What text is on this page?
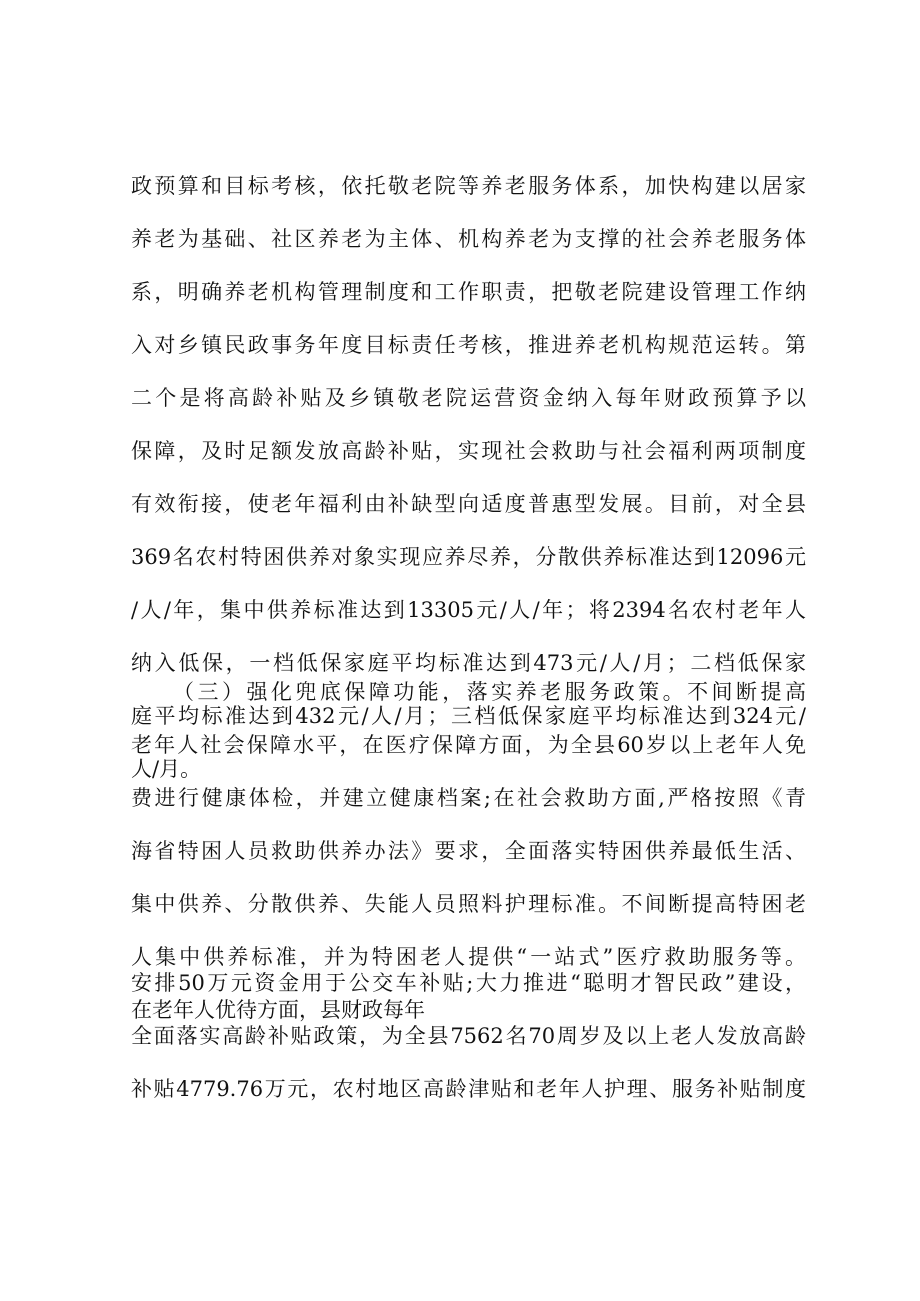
政预算和目标考核，依托敬老院等养老服务体系，加快构建以居家
养老为基础、社区养老为主体、机构养老为支撑的社会养老服务体
系，明确养老机构管理制度和工作职责，把敬老院建设管理工作纳
入对乡镇民政事务年度目标责任考核，推进养老机构规范运转。第
二个是将高龄补贴及乡镇敬老院运营资金纳入每年财政预算予以
保障，及时足额发放高龄补贴，实现社会救助与社会福利两项制度
有效衔接，使老年福利由补缺型向适度普惠型发展。目前，对全县
369名农村特困供养对象实现应养尽养，分散供养标准达到12096元
/人/年，集中供养标准达到13305元/人/年；将2394名农村老年人
纳入低保，一档低保家庭平均标准达到473元/人/月；二档低保家
庭平均标准达到432元/人/月；三档低保家庭平均标准达到324元/
人/月。
（三）强化兜底保障功能，落实养老服务政策。不间断提高
老年人社会保障水平，在医疗保障方面，为全县60岁以上老年人免
费进行健康体检，并建立健康档案;在社会救助方面,严格按照《青
海省特困人员救助供养办法》要求，全面落实特困供养最低生活、
集中供养、分散供养、失能人员照料护理标准。不间断提高特困老
人集中供养标准，并为特困老人提供“一站式”医疗救助服务等。
在老年人优待方面，县财政每年
安排50万元资金用于公交车补贴;大力推进“聪明才智民政”建设，
全面落实高龄补贴政策，为全县7562名70周岁及以上老人发放高龄
补贴4779.76万元，农村地区高龄津贴和老年人护理、服务补贴制度
